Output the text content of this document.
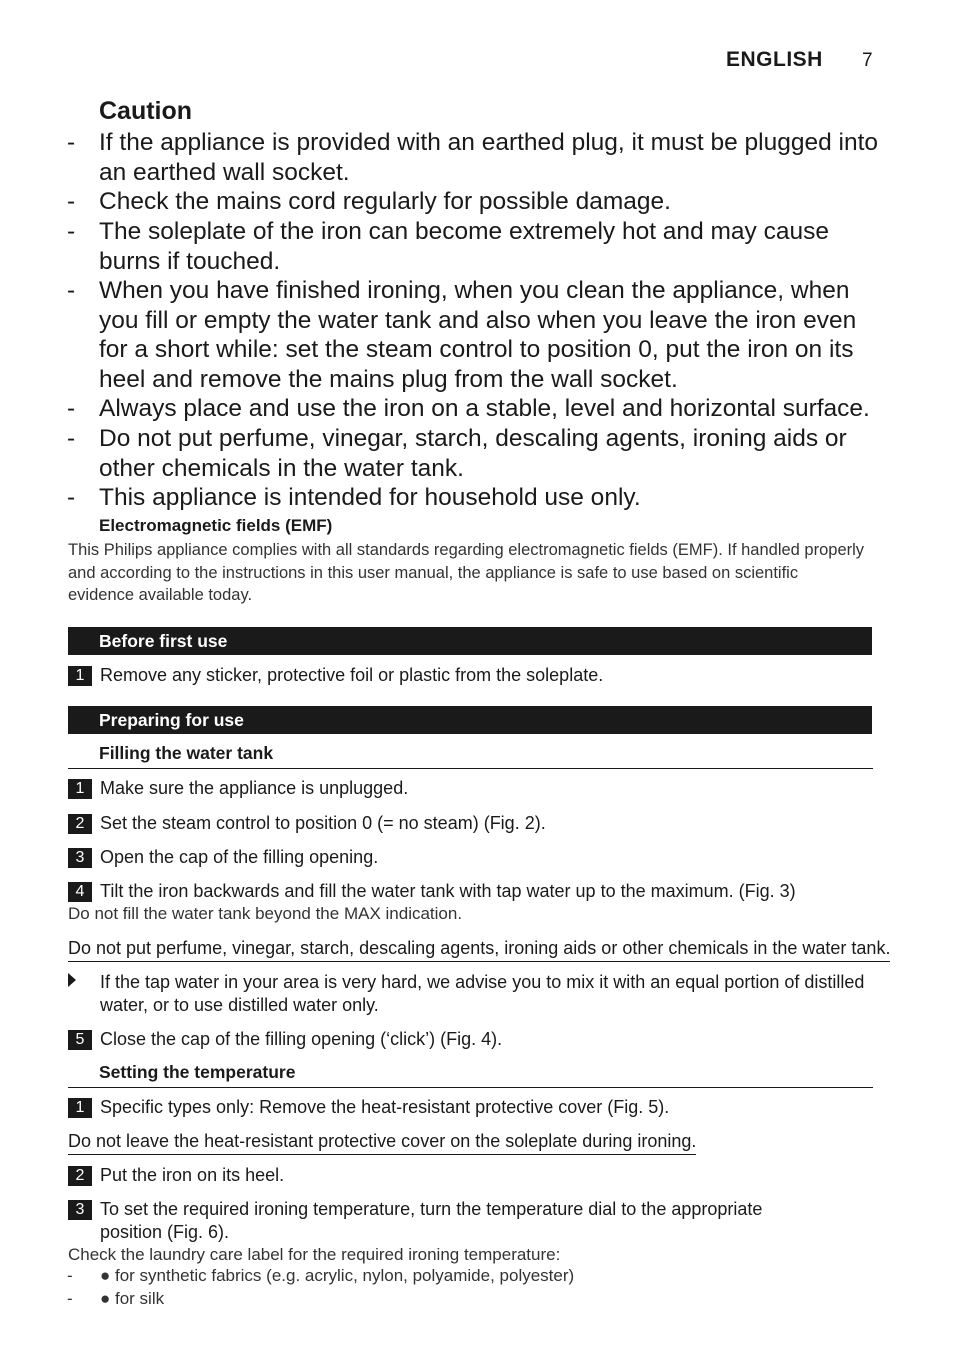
ENGLISH 7
Caution
- If the appliance is provided with an earthed plug, it must be plugged into an earthed wall socket.
- Check the mains cord regularly for possible damage.
- The soleplate of the iron can become extremely hot and may cause burns if touched.
- When you have finished ironing, when you clean the appliance, when you fill or empty the water tank and also when you leave the iron even for a short while: set the steam control to position 0, put the iron on its heel and remove the mains plug from the wall socket.
- Always place and use the iron on a stable, level and horizontal surface.
- Do not put perfume, vinegar, starch, descaling agents, ironing aids or other chemicals in the water tank.
- This appliance is intended for household use only.
Electromagnetic fields (EMF)
This Philips appliance complies with all standards regarding electromagnetic fields (EMF). If handled properly and according to the instructions in this user manual, the appliance is safe to use based on scientific evidence available today.
Before first use
1 Remove any sticker, protective foil or plastic from the soleplate.
Preparing for use
Filling the water tank
1 Make sure the appliance is unplugged.
2 Set the steam control to position 0 (= no steam) (Fig. 2).
3 Open the cap of the filling opening.
4 Tilt the iron backwards and fill the water tank with tap water up to the maximum. (Fig. 3)
Do not fill the water tank beyond the MAX indication.
Do not put perfume, vinegar, starch, descaling agents, ironing aids or other chemicals in the water tank.
If the tap water in your area is very hard, we advise you to mix it with an equal portion of distilled water, or to use distilled water only.
5 Close the cap of the filling opening (‘click’) (Fig. 4).
Setting the temperature
1 Specific types only: Remove the heat-resistant protective cover (Fig. 5).
Do not leave the heat-resistant protective cover on the soleplate during ironing.
2 Put the iron on its heel.
3 To set the required ironing temperature, turn the temperature dial to the appropriate position (Fig. 6).
Check the laundry care label for the required ironing temperature:
- ● for synthetic fabrics (e.g. acrylic, nylon, polyamide, polyester)
- ● for silk
